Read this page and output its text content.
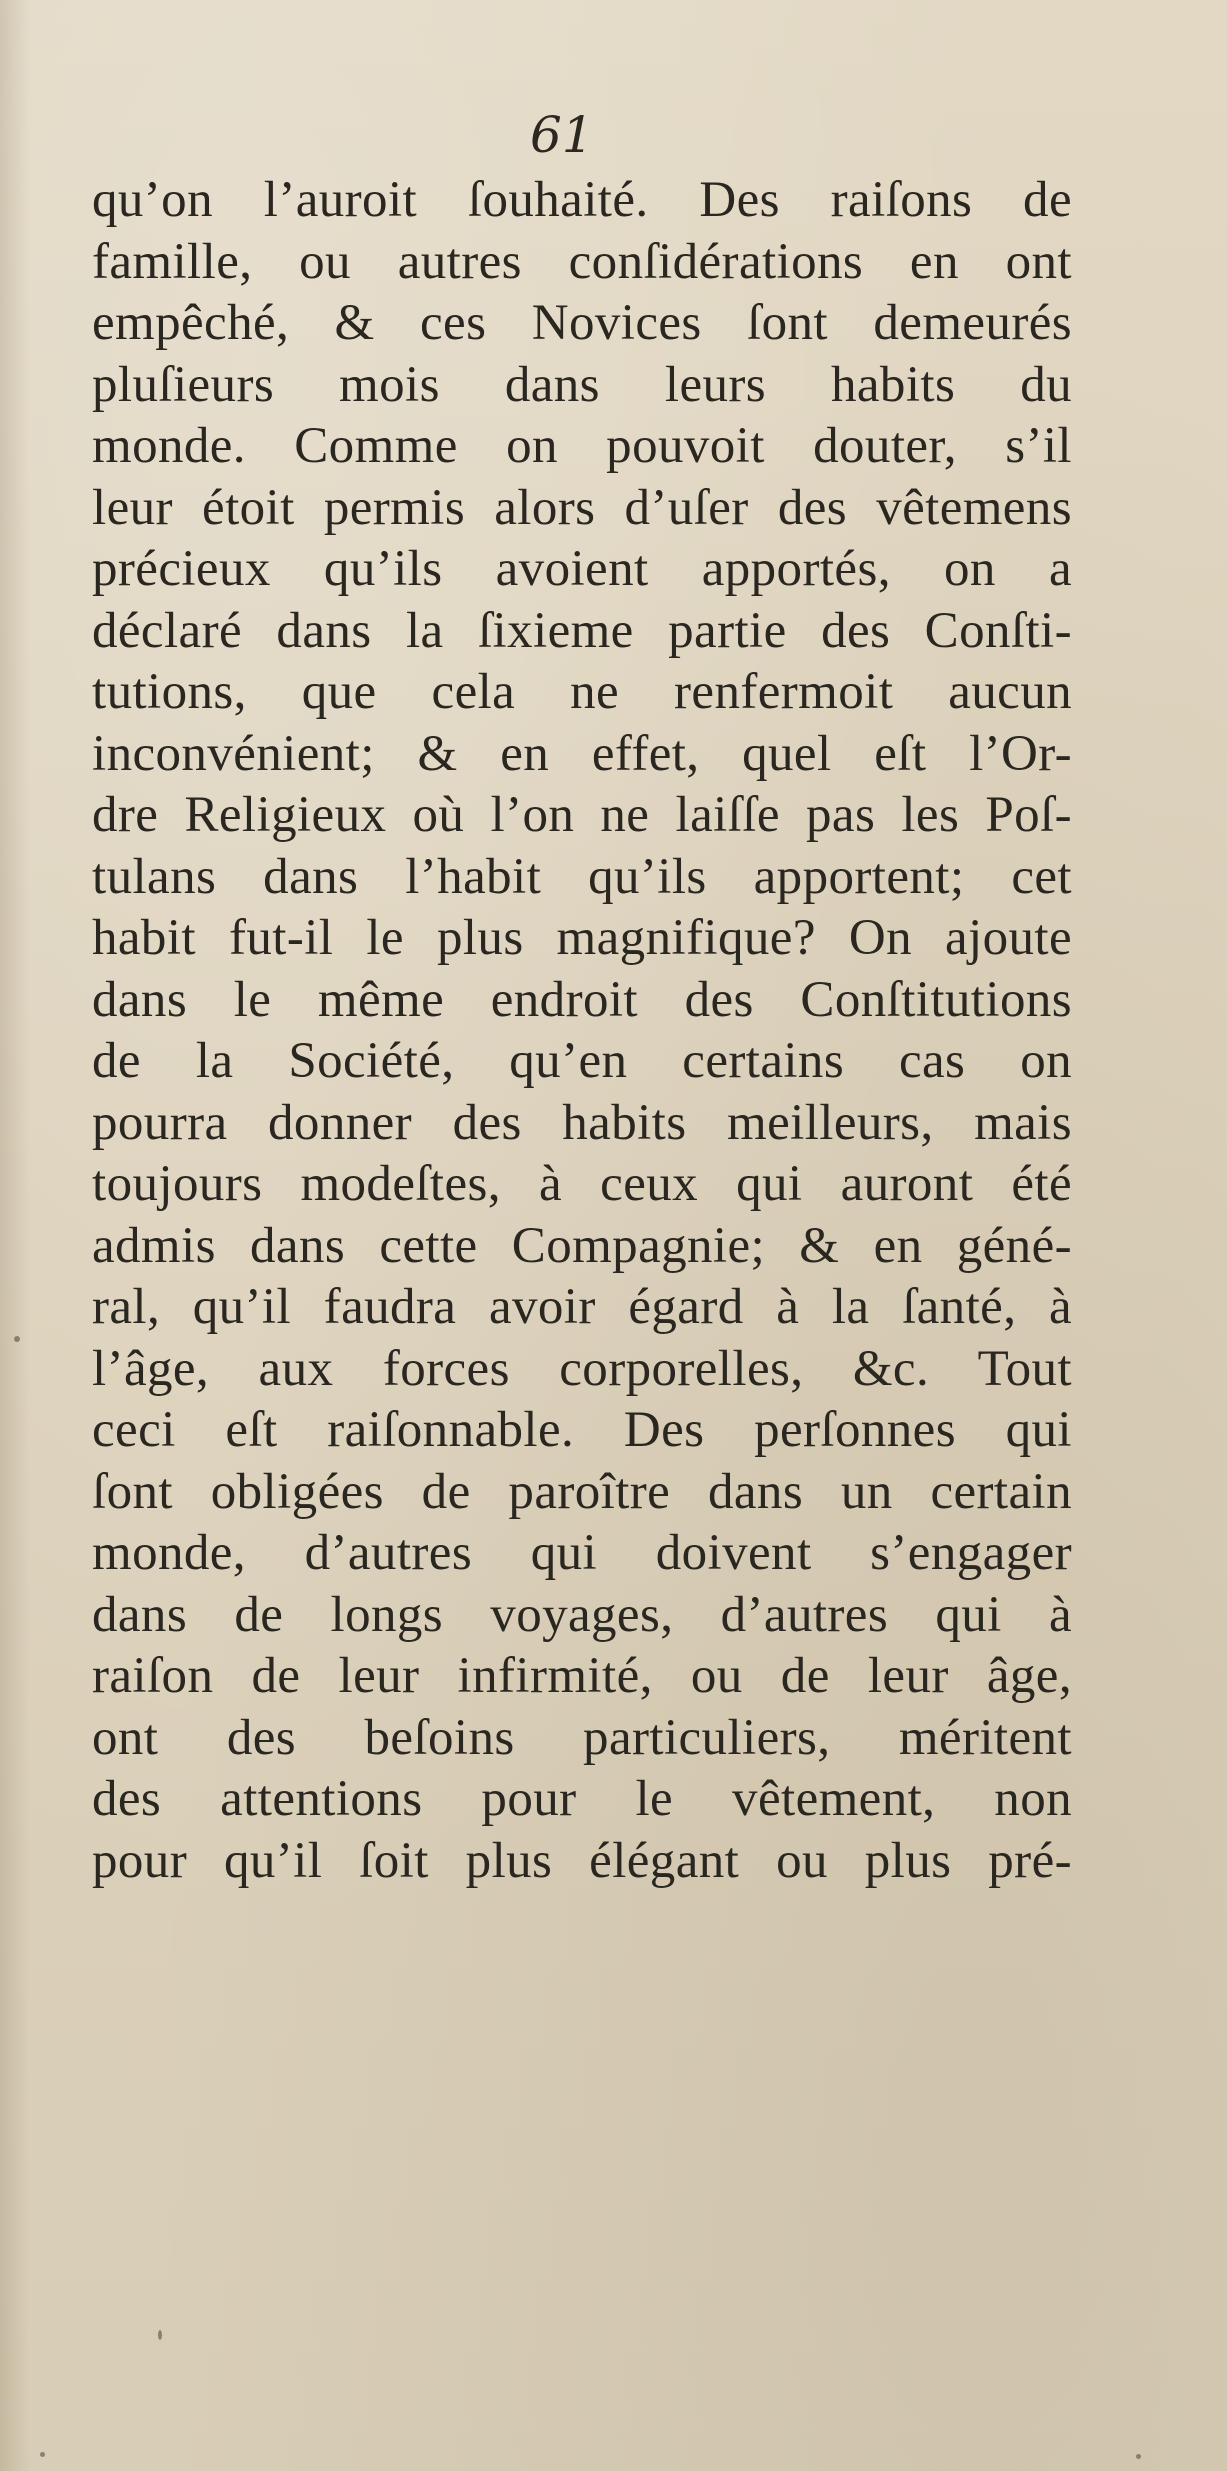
61
qu’on l’auroit ſouhaité. Des raiſons de
famille, ou autres conſidérations en ont
empêché, & ces Novices ſont demeurés
pluſieurs mois dans leurs habits du
monde. Comme on pouvoit douter, s’il
leur étoit permis alors d’uſer des vêtemens
précieux qu’ils avoient apportés, on a
déclaré dans la ſixieme partie des Conſti-
tutions, que cela ne renfermoit aucun
inconvénient; & en effet, quel eſt l’Or-
dre Religieux où l’on ne laiſſe pas les Poſ-
tulans dans l’habit qu’ils apportent; cet
habit fut-il le plus magnifique? On ajoute
dans le même endroit des Conſtitutions
de la Société, qu’en certains cas on
pourra donner des habits meilleurs, mais
toujours modeſtes, à ceux qui auront été
admis dans cette Compagnie; & en géné-
ral, qu’il faudra avoir égard à la ſanté, à
l’âge, aux forces corporelles, &c. Tout
ceci eſt raiſonnable. Des perſonnes qui
ſont obligées de paroître dans un certain
monde, d’autres qui doivent s’engager
dans de longs voyages, d’autres qui à
raiſon de leur infirmité, ou de leur âge,
ont des beſoins particuliers, méritent
des attentions pour le vêtement, non
pour qu’il ſoit plus élégant ou plus pré-
